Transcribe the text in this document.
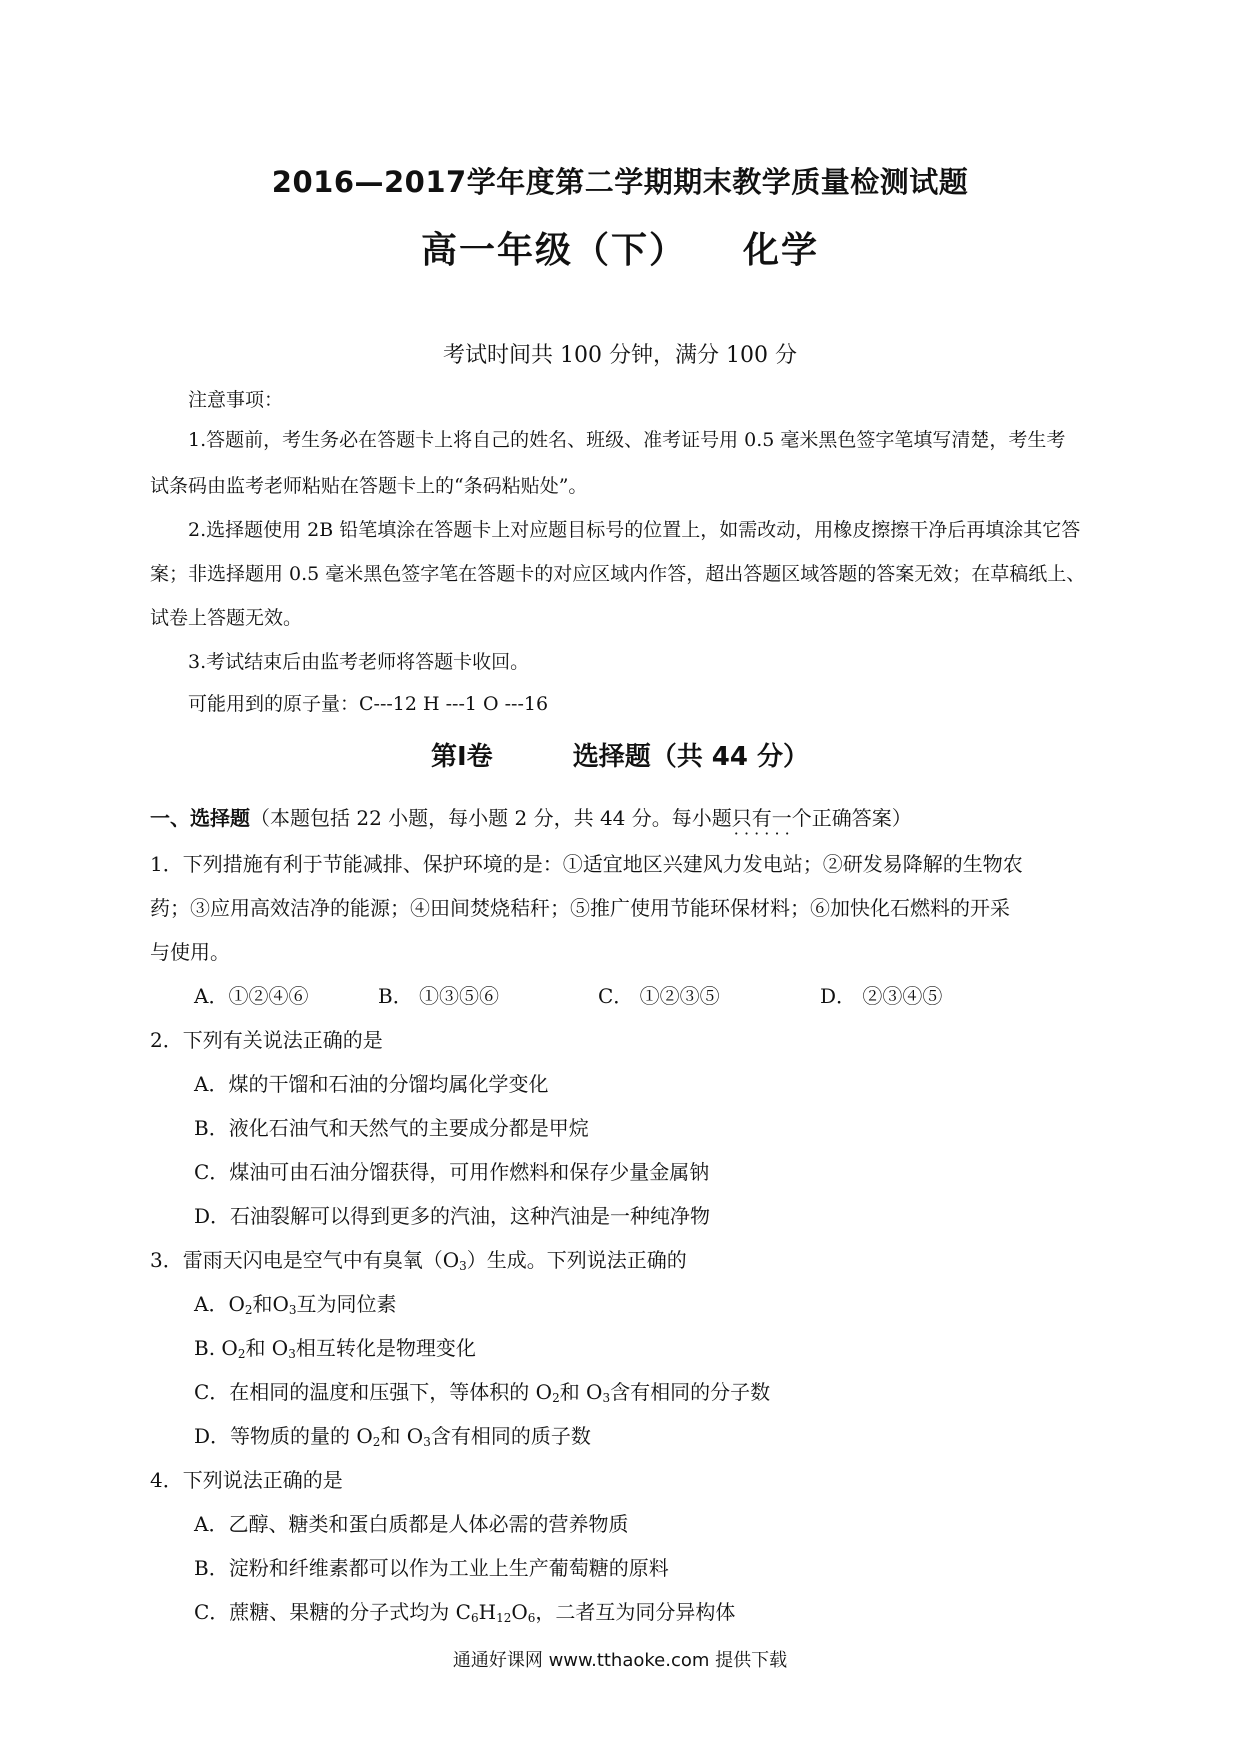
2016—2017学年度第二学期期末教学质量检测试题
高一年级（下） 化学
考试时间共 100 分钟，满分 100 分
注意事项：
1.答题前，考生务必在答题卡上将自己的姓名、班级、准考证号用 0.5 毫米黑色签字笔填写清楚，考生考
试条码由监考老师粘贴在答题卡上的“条码粘贴处”。
2.选择题使用 2B 铅笔填涂在答题卡上对应题目标号的位置上，如需改动，用橡皮擦擦干净后再填涂其它答
案；非选择题用 0.5 毫米黑色签字笔在答题卡的对应区域内作答，超出答题区域答题的答案无效；在草稿纸上、
试卷上答题无效。
3.考试结束后由监考老师将答题卡收回。
可能用到的原子量：C---12 H ---1 O ---16
第Ⅰ卷	选择题（共 44 分）
一、选择题（本题包括 22 小题，每小题 2 分，共 44 分。每小题只有一个正确 · · ·答案）
1．下列措施有利于节能减排、保护环境的是：①适宜地区兴建风力发电站；②研发易降解的生物农
药；③应用高效洁净的能源；④田间焚烧秸秆；⑤推广使用节能环保材料；⑥加快化石燃料的开采
与使用。
A．①②④⑥	B． ①③⑤⑥	C． ①②③⑤	D． ②③④⑤
2．下列有关说法正确的是
A．煤的干馏和石油的分馏均属化学变化
B．液化石油气和天然气的主要成分都是甲烷
C．煤油可由石油分馏获得，可用作燃料和保存少量金属钠
D．石油裂解可以得到更多的汽油，这种汽油是一种纯净物
3．雷雨天闪电是空气中有臭氧$(O_3)$生成。下列说法正确的
A．$O_2$和$O_3$互为同位素
B. $O_2$和 $O_3$相互转化是物理变化
C．在相同的温度和压强下，等体积的 $O_2$和 $O_3$含有相同的分子数
D．等物质的量的 $O_2$和 $O_3$含有相同的质子数
4．下列说法正确的是
A．乙醇、糖类和蛋白质都是人体必需的营养物质
B．淀粉和纤维素都可以作为工业上生产葡萄糖的原料
C．蔗糖、果糖的分子式均为 $C_6H_{12}O_6$，二者互为同分异构体
通通好课网 www.tthaoke.com 提供下载
